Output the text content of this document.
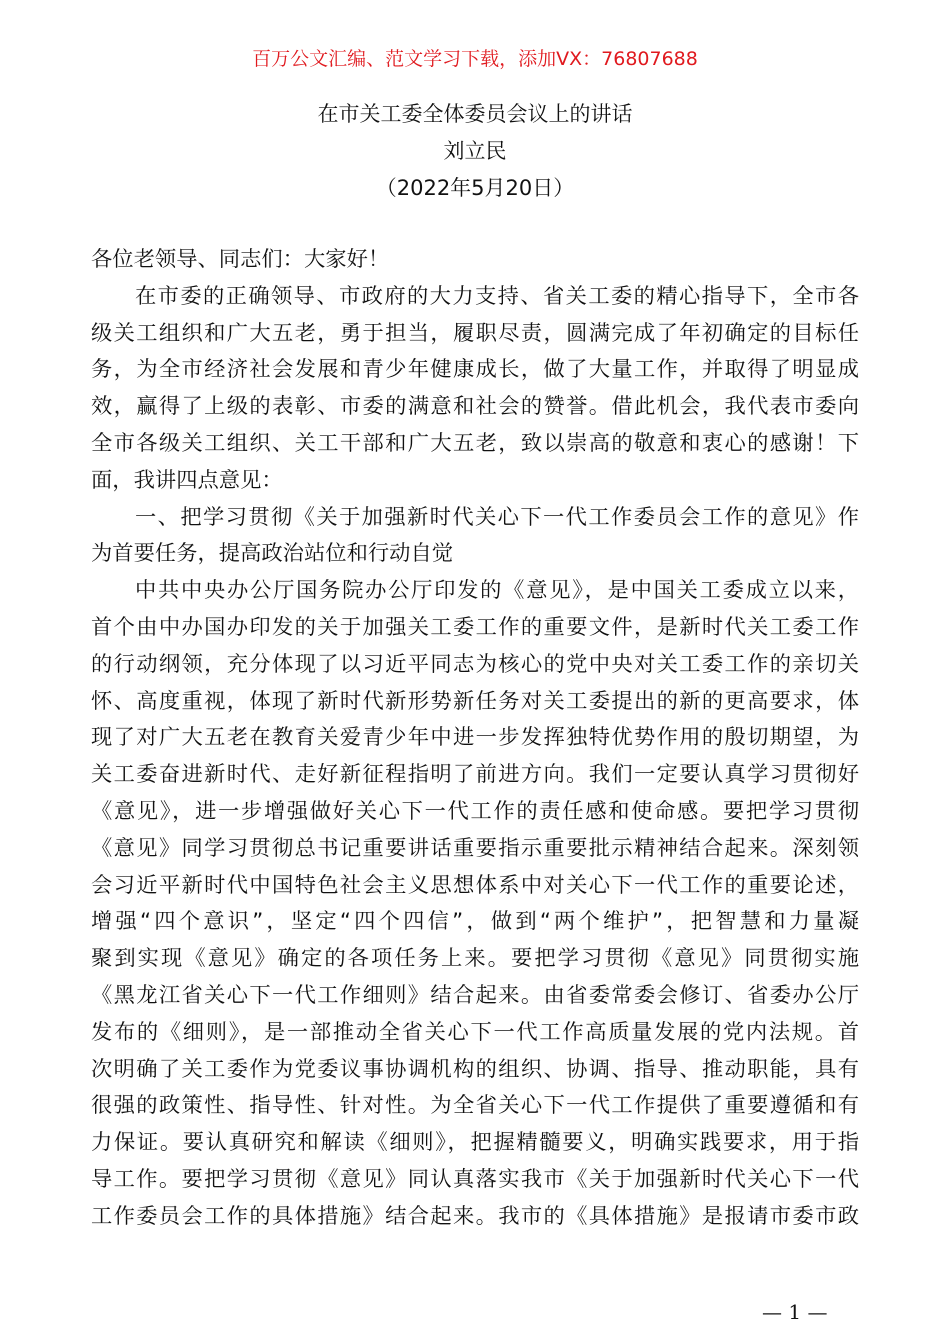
百万公文汇编、范文学习下载，添加VX：76807688
在市关工委全体委员会议上的讲话
刘立民
（2022年5月20日）
各位老领导、同志们：大家好！
在市委的正确领导、市政府的大力支持、省关工委的精心指导下，全市各
级关工组织和广大五老，勇于担当，履职尽责，圆满完成了年初确定的目标任
务，为全市经济社会发展和青少年健康成长，做了大量工作，并取得了明显成
效，赢得了上级的表彰、市委的满意和社会的赞誉。借此机会，我代表市委向
全市各级关工组织、关工干部和广大五老，致以崇高的敬意和衷心的感谢！下
面，我讲四点意见：
一、把学习贯彻《关于加强新时代关心下一代工作委员会工作的意见》作
为首要任务，提高政治站位和行动自觉
中共中央办公厅国务院办公厅印发的《意见》，是中国关工委成立以来，
首个由中办国办印发的关于加强关工委工作的重要文件，是新时代关工委工作
的行动纲领，充分体现了以习近平同志为核心的党中央对关工委工作的亲切关
怀、高度重视，体现了新时代新形势新任务对关工委提出的新的更高要求，体
现了对广大五老在教育关爱青少年中进一步发挥独特优势作用的殷切期望，为
关工委奋进新时代、走好新征程指明了前进方向。我们一定要认真学习贯彻好
《意见》，进一步增强做好关心下一代工作的责任感和使命感。要把学习贯彻
《意见》同学习贯彻总书记重要讲话重要指示重要批示精神结合起来。深刻领
会习近平新时代中国特色社会主义思想体系中对关心下一代工作的重要论述，
增强“四个意识”，坚定“四个四信”，做到“两个维护”，把智慧和力量凝
聚到实现《意见》确定的各项任务上来。要把学习贯彻《意见》同贯彻实施
《黑龙江省关心下一代工作细则》结合起来。由省委常委会修订、省委办公厅
发布的《细则》，是一部推动全省关心下一代工作高质量发展的党内法规。首
次明确了关工委作为党委议事协调机构的组织、协调、指导、推动职能，具有
很强的政策性、指导性、针对性。为全省关心下一代工作提供了重要遵循和有
力保证。要认真研究和解读《细则》，把握精髓要义，明确实践要求，用于指
导工作。要把学习贯彻《意见》同认真落实我市《关于加强新时代关心下一代
工作委员会工作的具体措施》结合起来。我市的《具体措施》是报请市委市政
— 1 —
